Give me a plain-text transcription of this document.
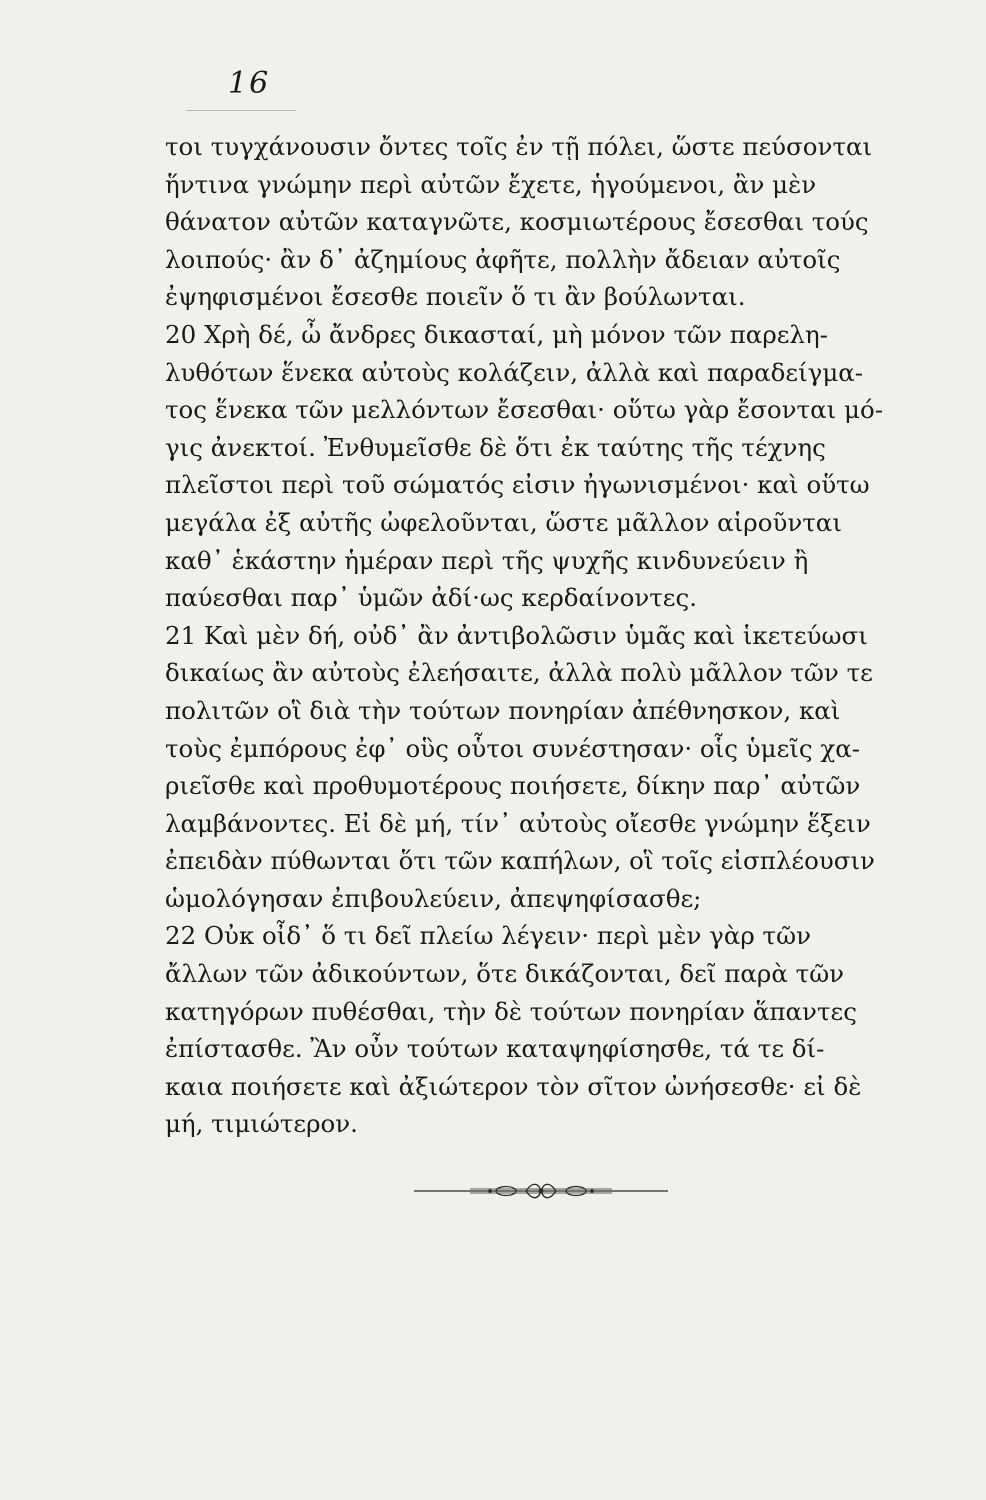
16
τοι τυγχάνουσιν ὄντες τοῖς ἐν τῇ πόλει, ὥστε πεύσονται
ἥντινα γνώμην περὶ αὐτῶν ἔχετε, ἡγούμενοι, ἂν μὲν
θάνατον αὐτῶν καταγνῶτε, κοσμιωτέρους ἔσεσθαι τούς
λοιπούς· ἂν δ᾽ ἀζημίους ἀφῆτε, πολλὴν ἄδειαν αὐτοῖς
ἐψηφισμένοι ἔσεσθε ποιεῖν ὅ τι ἂν βούλωνται.
20 Χρὴ δέ, ὦ ἄνδρες δικασταί, μὴ μόνον τῶν παρελη-
λυθότων ἕνεκα αὐτοὺς κολάζειν, ἀλλὰ καὶ παραδείγμα-
τος ἕνεκα τῶν μελλόντων ἔσεσθαι· οὕτω γὰρ ἔσονται μό-
γις ἀνεκτοί. Ἐνθυμεῖσθε δὲ ὅτι ἐκ ταύτης τῆς τέχνης
πλεῖστοι περὶ τοῦ σώματός εἰσιν ἠγωνισμένοι· καὶ οὕτω
μεγάλα ἐξ αὐτῆς ὠφελοῦνται, ὥστε μᾶλλον αἱροῦνται
καθ᾽ ἑκάστην ἡμέραν περὶ τῆς ψυχῆς κινδυνεύειν ἢ
παύεσθαι παρ᾽ ὑμῶν ἀδί·ως κερδαίνοντες.
21 Καὶ μὲν δή, οὐδ᾽ ἂν ἀντιβολῶσιν ὑμᾶς καὶ ἱκετεύωσι
δικαίως ἂν αὐτοὺς ἐλεήσαιτε, ἀλλὰ πολὺ μᾶλλον τῶν τε
πολιτῶν οἳ διὰ τὴν τούτων πονηρίαν ἀπέθνησκον, καὶ
τοὺς ἐμπόρους ἐφ᾽ οὓς οὗτοι συνέστησαν· οἷς ὑμεῖς χα-
ριεῖσθε καὶ προθυμοτέρους ποιήσετε, δίκην παρ᾽ αὐτῶν
λαμβάνοντες. Εἰ δὲ μή, τίν᾽ αὐτοὺς οἴεσθε γνώμην ἕξειν
ἐπειδὰν πύθωνται ὅτι τῶν καπήλων, οἳ τοῖς εἰσπλέουσιν
ὡμολόγησαν ἐπιβουλεύειν, ἀπεψηφίσασθε;
22 Οὐκ οἶδ᾽ ὅ τι δεῖ πλείω λέγειν· περὶ μὲν γὰρ τῶν
ἄλλων τῶν ἀδικούντων, ὅτε δικάζονται, δεῖ παρὰ τῶν
κατηγόρων πυθέσθαι, τὴν δὲ τούτων πονηρίαν ἅπαντες
ἐπίστασθε. Ἂν οὖν τούτων καταψηφίσησθε, τά τε δί-
καια ποιήσετε καὶ ἀξιώτερον τὸν σῖτον ὠνήσεσθε· εἰ δὲ
μή, τιμιώτερον.
